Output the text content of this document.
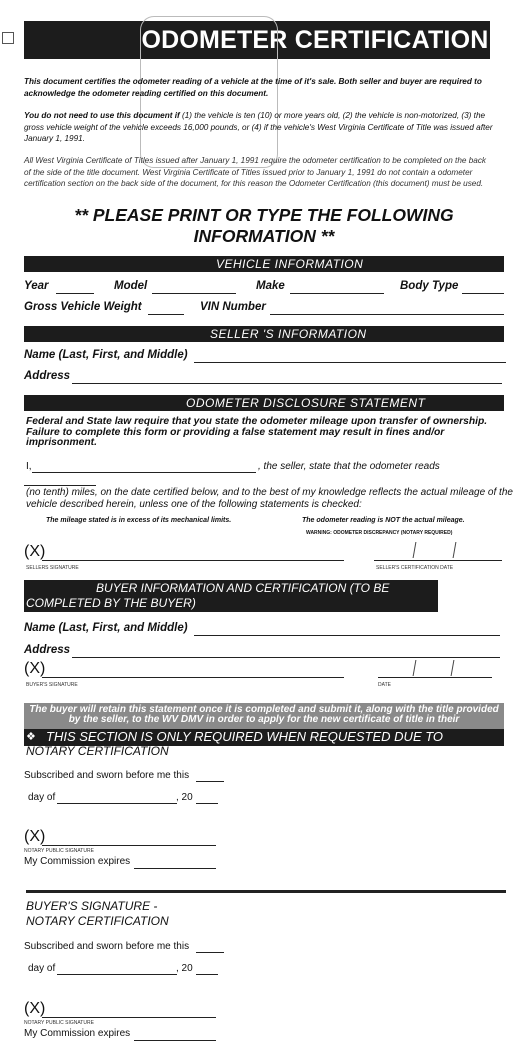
ODOMETER CERTIFICATION
This document certifies the odometer reading of a vehicle at the time of it's sale. Both seller and buyer are required to acknowledge the odometer reading certified on this document.
You do not need to use this document if (1) the vehicle is ten (10) or more years old, (2) the vehicle is non-motorized, (3) the gross vehicle weight of the vehicle exceeds 16,000 pounds, or (4) if the vehicle's West Virginia Certificate of Title was issued after January 1, 1991.
All West Virginia Certificate of Titles issued after January 1, 1991 require the odometer certification to be completed on the back of the side of the title document. West Virginia Certificate of Titles issued prior to January 1, 1991 do not contain a odometer certification section on the back side of the document, for this reason the Odometer Certification (this document) must be used.
** PLEASE PRINT OR TYPE THE FOLLOWING INFORMATION **
VEHICLE INFORMATION
Year	Model	Make	Body Type
Gross Vehicle Weight	VIN Number
SELLER 'S INFORMATION
Name (Last, First, and Middle)
Address
ODOMETER DISCLOSURE STATEMENT
Federal and State law require that you state the odometer mileage upon transfer of ownership. Failure to complete this form or providing a false statement may result in fines and/or imprisonment.
I,	, the seller, state that the odometer reads
(no tenth) miles, on the date certified below, and to the best of my knowledge reflects the actual mileage of the vehicle described herein, unless one of the following statements is checked:
The mileage stated is in excess of its mechanical limits.	The odometer reading is NOT the actual mileage.
WARNING: ODOMETER DISCREPANCY (NOTARY REQUIRED)
(X)
SELLERS SIGNATURE	SELLER'S CERTIFICATION DATE
BUYER INFORMATION AND CERTIFICATION (TO BE
COMPLETED BY THE BUYER)
Name (Last, First, and Middle)
Address
(X)
BUYER'S SIGNATURE	DATE
The buyer will retain this statement once it is completed and submit it, along with the title provided by the seller, to the WV DMV in order to apply for the new certificate of title in their
❖ THIS SECTION IS ONLY REQUIRED WHEN REQUESTED DUE TO
NOTARY CERTIFICATION
Subscribed and sworn before me this
day of	, 20
(X)
NOTARY PUBLIC SIGNATURE
My Commission expires
BUYER'S SIGNATURE -
NOTARY CERTIFICATION
Subscribed and sworn before me this
day of	, 20
(X)
NOTARY PUBLIC SIGNATURE
My Commission expires
